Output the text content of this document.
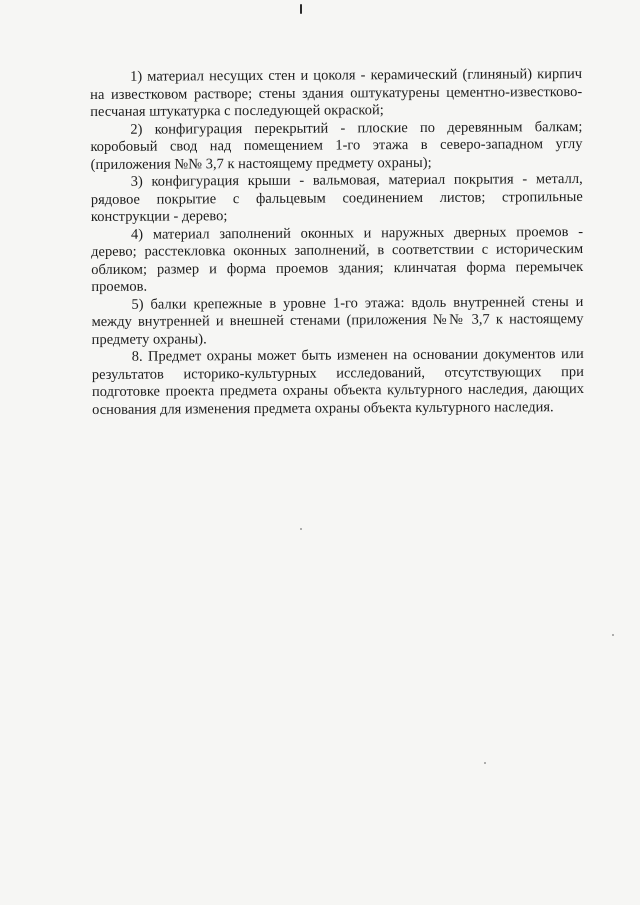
1) материал несущих стен и цоколя - керамический (глиняный) кирпич на известковом растворе; стены здания оштукатурены цементно-известково-песчаная штукатурка с последующей окраской;

2) конфигурация перекрытий - плоские по деревянным балкам; коробовый свод над помещением 1-го этажа в северо-западном углу (приложения №№ 3,7 к настоящему предмету охраны);

3) конфигурация крыши - вальмовая, материал покрытия - металл, рядовое покрытие с фальцевым соединением листов; стропильные конструкции - дерево;

4) материал заполнений оконных и наружных дверных проемов - дерево; расстекловка оконных заполнений, в соответствии с историческим обликом; размер и форма проемов здания; клинчатая форма перемычек проемов.

5) балки крепежные в уровне 1-го этажа: вдоль внутренней стены и между внутренней и внешней стенами (приложения №№ 3,7 к настоящему предмету охраны).

8. Предмет охраны может быть изменен на основании документов или результатов историко-культурных исследований, отсутствующих при подготовке проекта предмета охраны объекта культурного наследия, дающих основания для изменения предмета охраны объекта культурного наследия.
